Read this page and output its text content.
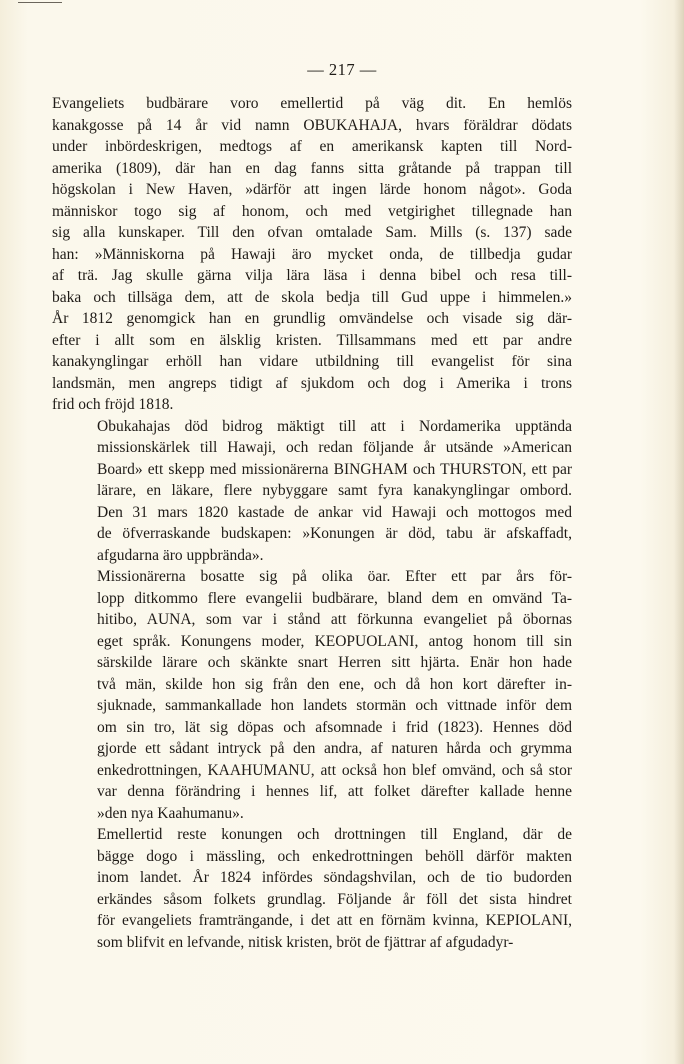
— 217 —

Evangeliets budbärare voro emellertid på väg dit. En hemlös
kanakgosse på 14 år vid namn OBUKAHAJA, hvars föräldrar dödats
under inbördeskrigen, medtogs af en amerikansk kapten till Nord-
amerika (1809), där han en dag fanns sitta gråtande på trappan till
högskolan i New Haven, »därför att ingen lärde honom något». Goda
människor togo sig af honom, och med vetgirighet tillegnade han
sig alla kunskaper. Till den ofvan omtalade Sam. Mills (s. 137) sade
han: »Människorna på Hawaji äro mycket onda, de tillbedja gudar
af trä. Jag skulle gärna vilja lära läsa i denna bibel och resa till-
baka och tillsäga dem, att de skola bedja till Gud uppe i himmelen.»
År 1812 genomgick han en grundlig omvändelse och visade sig där-
efter i allt som en älsklig kristen. Tillsammans med ett par andre
kanakynglingar erhöll han vidare utbildning till evangelist för sina
landsmän, men angreps tidigt af sjukdom och dog i Amerika i trons
frid och fröjd 1818.

Obukahajas död bidrog mäktigt till att i Nordamerika upptända
missionskärlek till Hawaji, och redan följande år utsände »American
Board» ett skepp med missionärerna BINGHAM och THURSTON, ett par
lärare, en läkare, flere nybyggare samt fyra kanakynglingar ombord.
Den 31 mars 1820 kastade de ankar vid Hawaji och mottogos med
de öfverraskande budskapen: »Konungen är död, tabu är afskaffadt,
afgudarna äro uppbrända».

Missionärerna bosatte sig på olika öar. Efter ett par års för-
lopp ditkommo flere evangelii budbärare, bland dem en omvänd Ta-
hitibo, AUNA, som var i stånd att förkunna evangeliet på öbornas
eget språk. Konungens moder, KEOPUOLANI, antog honom till sin
särskilde lärare och skänkte snart Herren sitt hjärta. Enär hon hade
två män, skilde hon sig från den ene, och då hon kort därefter in-
sjuknade, sammankallade hon landets stormän och vittnade inför dem
om sin tro, lät sig döpas och afsomnade i frid (1823). Hennes död
gjorde ett sådant intryck på den andra, af naturen hårda och grymma
enkedrottningen, KAAHUMANU, att också hon blef omvänd, och så stor
var denna förändring i hennes lif, att folket därefter kallade henne
»den nya Kaahumanu».

Emellertid reste konungen och drottningen till England, där de
bägge dogo i mässling, och enkedrottningen behöll därför makten
inom landet. År 1824 infördes söndagshvilan, och de tio budorden
erkändes såsom folkets grundlag. Följande år föll det sista hindret
för evangeliets framträngande, i det att en förnäm kvinna, KEPIOLANI,
som blifvit en lefvande, nitisk kristen, bröt de fjättrar af afgudadyr-
